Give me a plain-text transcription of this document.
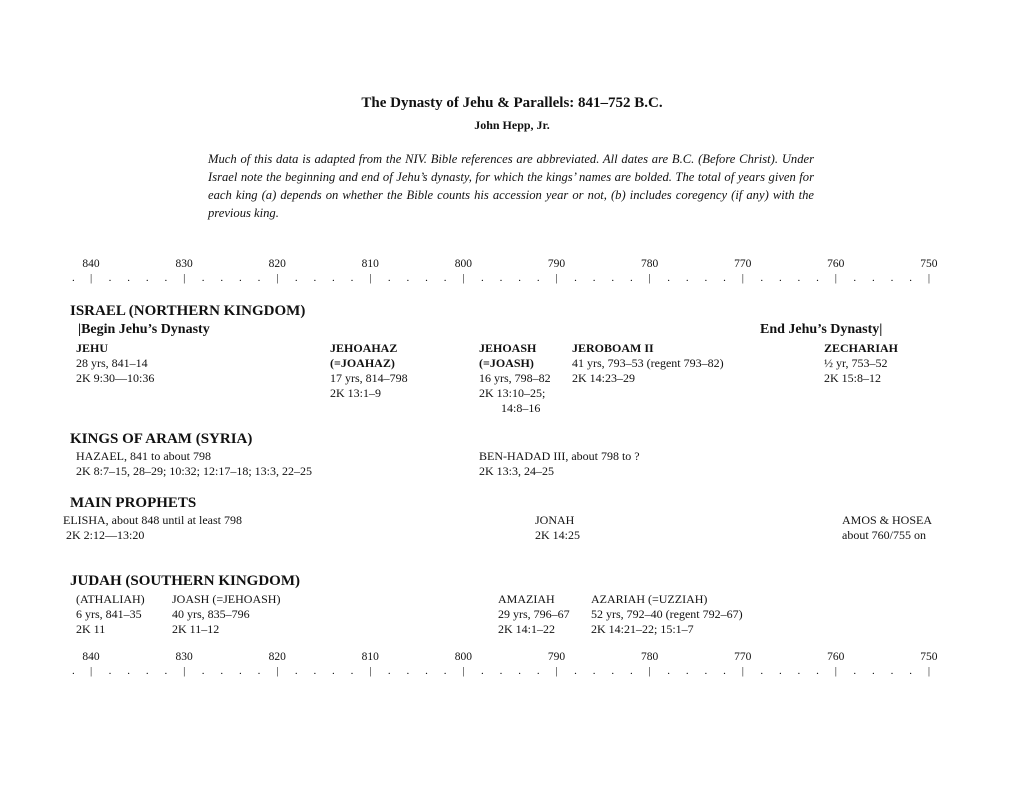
The Dynasty of Jehu & Parallels: 841–752 B.C.
John Hepp, Jr.

Much of this data is adapted from the NIV. Bible references are abbreviated. All dates are B.C. (Before Christ). Under Israel note the beginning and end of Jehu’s dynasty, for which the kings’ names are bolded. The total of years given for each king (a) depends on whether the Bible counts his accession year or not, (b) includes coregency (if any) with the previous king.

840	830	820	810	800	790	780	770	760	750
. | . . . . | . . . . | . . . . | . . . . | . . . . | . . . . | . . . . | . . . . | . . . . |
ISRAEL (NORTHERN KINGDOM)
|Begin Jehu’s Dynasty	End Jehu’s Dynasty|
JEHU
28 yrs, 841–14
2K 9:30—10:36
JEHOAHAZ
(=JOAHAZ)
17 yrs, 814–798
2K 13:1–9
JEHOASH
(=JOASH)
16 yrs, 798–82
2K 13:10–25;
14:8–16
JEROBOAM II
41 yrs, 793–53 (regent 793–82)
2K 14:23–29
ZECHARIAH
½ yr, 753–52
2K 15:8–12
KINGS OF ARAM (SYRIA)
HAZAEL, 841 to about 798
2K 8:7–15, 28–29; 10:32; 12:17–18; 13:3, 22–25
BEN-HADAD III, about 798 to ?
2K 13:3, 24–25
MAIN PROPHETS
ELISHA, about 848 until at least 798
2K 2:12—13:20
JONAH
2K 14:25
AMOS & HOSEA
about 760/755 on
JUDAH (SOUTHERN KINGDOM)
(ATHALIAH)
6 yrs, 841–35
2K 11
JOASH (=JEHOASH)
40 yrs, 835–796
2K 11–12
AMAZIAH
29 yrs, 796–67
2K 14:1–22
AZARIAH (=UZZIAH)
52 yrs, 792–40 (regent 792–67)
2K 14:21–22; 15:1–7
840	830	820	810	800	790	780	770	760	750
. | . . . . | . . . . | . . . . | . . . . | . . . . | . . . . | . . . . | . . . . | . . . . |
